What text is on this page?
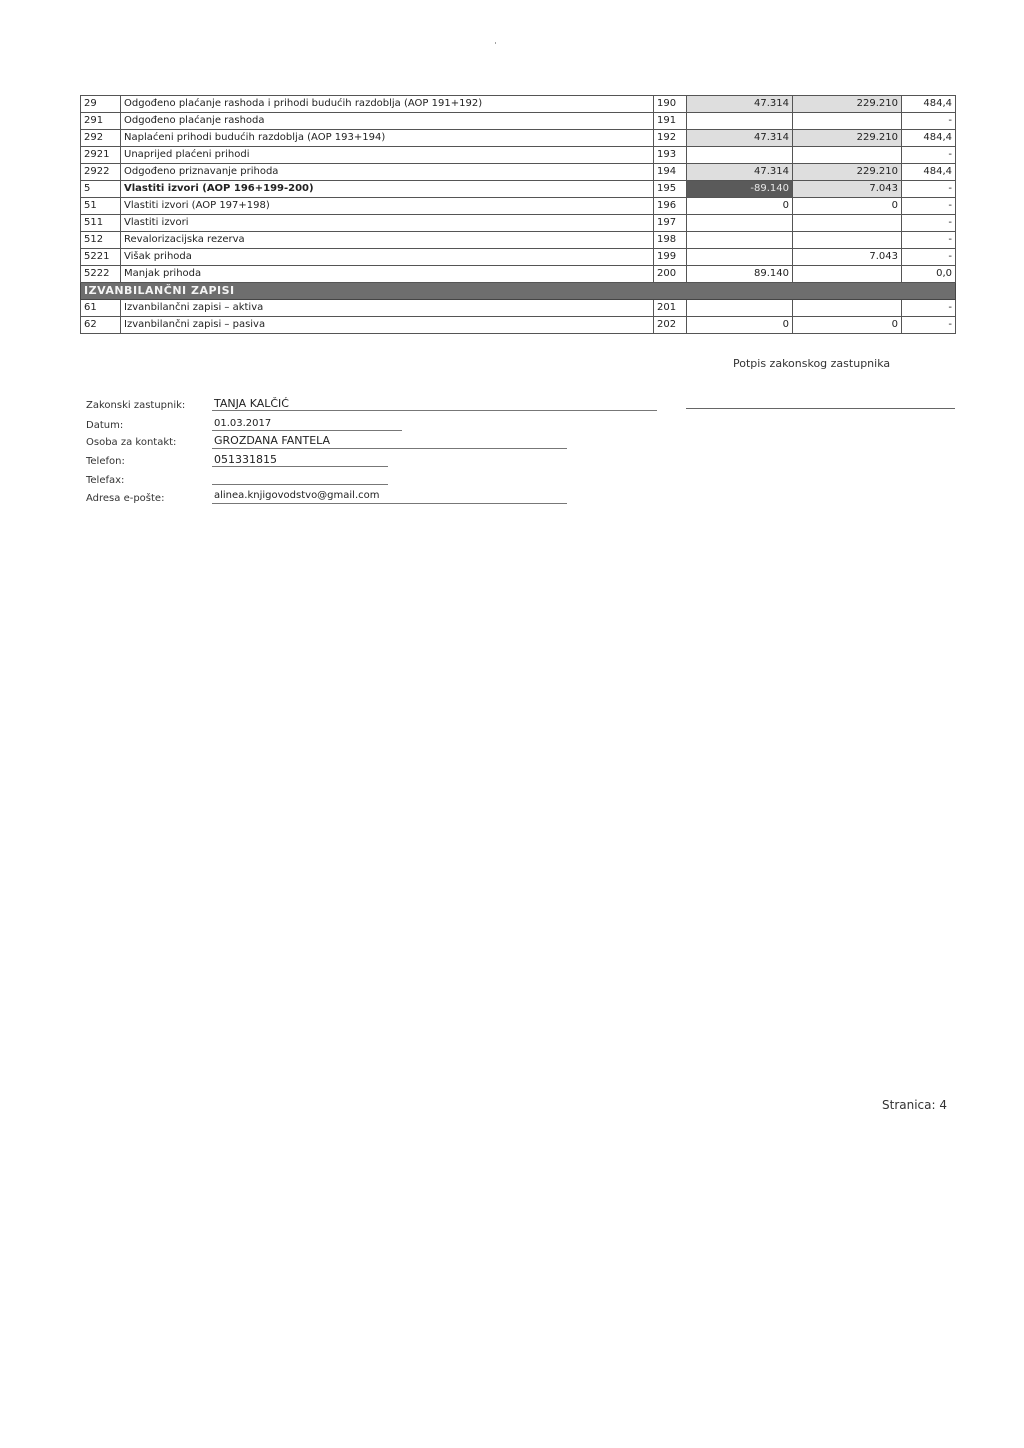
˙
29	Odgođeno plaćanje rashoda i prihodi budućih razdoblja (AOP 191+192)	190	47.314	229.210	484,4
291	Odgođeno plaćanje rashoda	191			-
292	Naplaćeni prihodi budućih razdoblja (AOP 193+194)	192	47.314	229.210	484,4
2921	Unaprijed plaćeni prihodi	193			-
2922	Odgođeno priznavanje prihoda	194	47.314	229.210	484,4
5	Vlastiti izvori (AOP 196+199-200)	195	-89.140	7.043	-
51	Vlastiti izvori (AOP 197+198)	196	0	0	-
511	Vlastiti izvori	197			-
512	Revalorizacijska rezerva	198			-
5221	Višak prihoda	199		7.043	-
5222	Manjak prihoda	200	89.140		0,0
IZVANBILANČNI ZAPISI					
61	Izvanbilančni zapisi – aktiva	201			-
62	Izvanbilančni zapisi – pasiva	202	0	0	-
Potpis zakonskog zastupnika
Zakonski zastupnik:	TANJA KALČIĆ
Datum:	01.03.2017
Osoba za kontakt:	GROZDANA FANTELA
Telefon:	051331815
Telefax:
Adresa e-pošte:	alinea.knjigovodstvo@gmail.com
Stranica: 4
